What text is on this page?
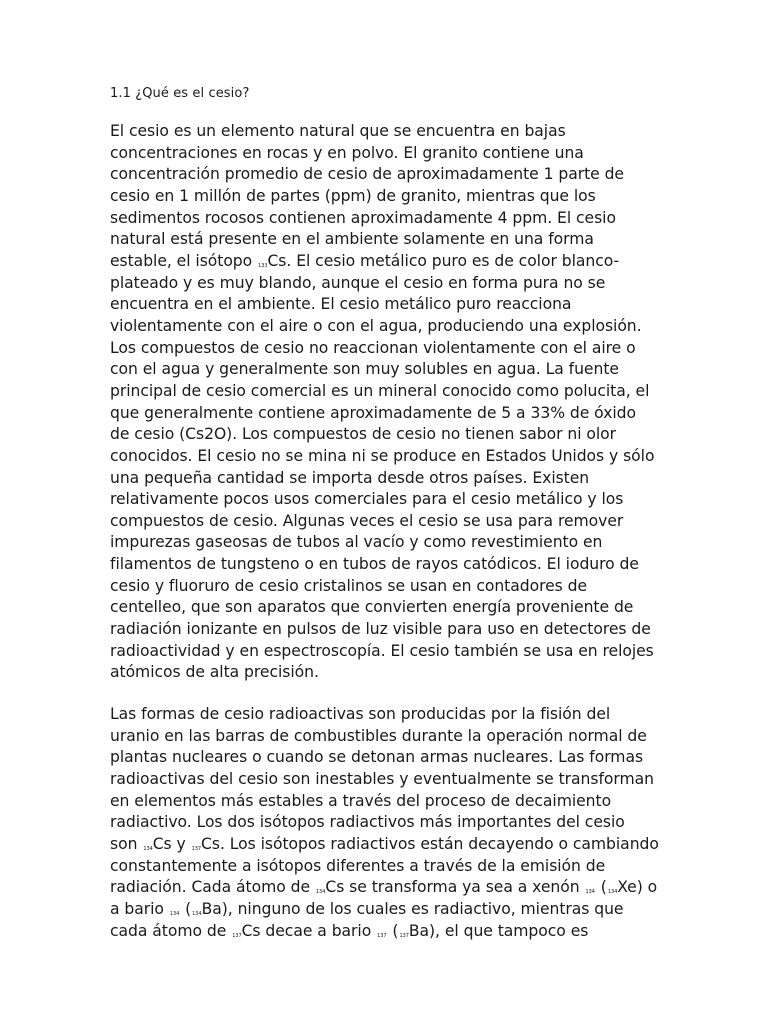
1.1 ¿Qué es el cesio?
El cesio es un elemento natural que se encuentra en bajas
concentraciones en rocas y en polvo. El granito contiene una
concentración promedio de cesio de aproximadamente 1 parte de
cesio en 1 millón de partes (ppm) de granito, mientras que los
sedimentos rocosos contienen aproximadamente 4 ppm. El cesio
natural está presente en el ambiente solamente en una forma
estable, el isótopo $^{133}$Cs. El cesio metálico puro es de color blanco-
plateado y es muy blando, aunque el cesio en forma pura no se
encuentra en el ambiente. El cesio metálico puro reacciona
violentamente con el aire o con el agua, produciendo una explosión.
Los compuestos de cesio no reaccionan violentamente con el aire o
con el agua y generalmente son muy solubles en agua. La fuente
principal de cesio comercial es un mineral conocido como polucita, el
que generalmente contiene aproximadamente de 5 a 33% de óxido
de cesio (Cs2O). Los compuestos de cesio no tienen sabor ni olor
conocidos. El cesio no se mina ni se produce en Estados Unidos y sólo
una pequeña cantidad se importa desde otros países. Existen
relativamente pocos usos comerciales para el cesio metálico y los
compuestos de cesio. Algunas veces el cesio se usa para remover
impurezas gaseosas de tubos al vacío y como revestimiento en
filamentos de tungsteno o en tubos de rayos catódicos. El ioduro de
cesio y fluoruro de cesio cristalinos se usan en contadores de
centelleo, que son aparatos que convierten energía proveniente de
radiación ionizante en pulsos de luz visible para uso en detectores de
radioactividad y en espectroscopía. El cesio también se usa en relojes
atómicos de alta precisión.
Las formas de cesio radioactivas son producidas por la fisión del
uranio en las barras de combustibles durante la operación normal de
plantas nucleares o cuando se detonan armas nucleares. Las formas
radioactivas del cesio son inestables y eventualmente se transforman
en elementos más estables a través del proceso de decaimiento
radiactivo. Los dos isótopos radiactivos más importantes del cesio
son $^{134}$Cs y $^{137}$Cs. Los isótopos radiactivos están decayendo o cambiando
constantemente a isótopos diferentes a través de la emisión de
radiación. Cada átomo de $^{134}$Cs se transforma ya sea a xenón $^{134}$ ($^{134}$Xe) o
a bario $^{134}$ ($^{134}$Ba), ninguno de los cuales es radiactivo, mientras que
cada átomo de $^{137}$Cs decae a bario $^{137}$ ($^{137}$Ba), el que tampoco es
